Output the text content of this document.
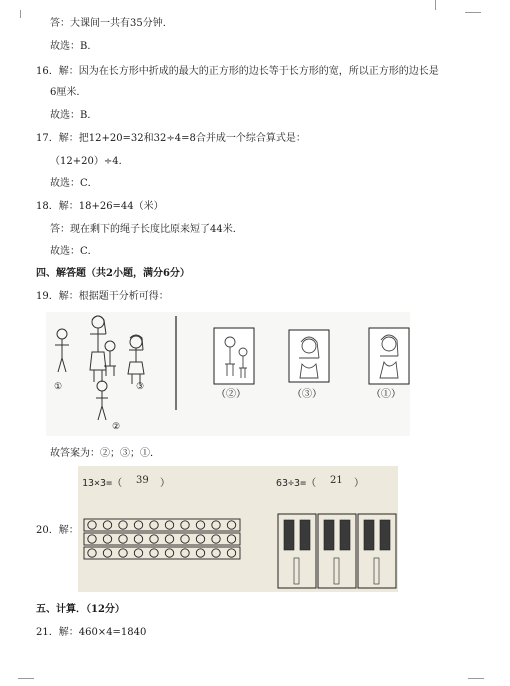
答：大课间一共有35分钟．
故选：B．
16．解：因为在长方形中折成的最大的正方形的边长等于长方形的宽，所以正方形的边长是
6厘米．
故选：B．
17．解：把12+20=32和32÷4=8合并成一个综合算式是：
（12+20）÷4．
故选：C．
18．解：18+26=44（米）
答：现在剩下的绳子长度比原来短了44米．
故选：C．
四、解答题（共2小题，满分6分）
19．解：根据题干分析可得：
①	③
②
（②）	（③）	（①）
故答案为：②；③；①．
13×3=（ 39 ）	63÷3=（ 21 ）
20．解：
五、计算．（12分）
21．解：460×4=1840
